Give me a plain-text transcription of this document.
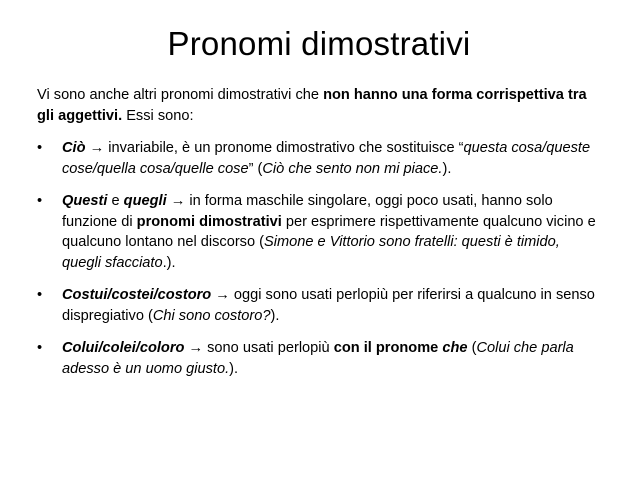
Pronomi dimostrativi

Vi sono anche altri pronomi dimostrativi che non hanno una forma corrispettiva tra gli aggettivi. Essi sono:

• Ciò → invariabile, è un pronome dimostrativo che sostituisce “questa cosa/queste cose/quella cosa/quelle cose” (Ciò che sento non mi piace.).
• Questi e quegli → in forma maschile singolare, oggi poco usati, hanno solo funzione di pronomi dimostrativi per esprimere rispettivamente qualcuno vicino e qualcuno lontano nel discorso (Simone e Vittorio sono fratelli: questi è timido, quegli sfacciato.).
• Costui/costei/costoro → oggi sono usati perlopiù per riferirsi a qualcuno in senso dispregiativo (Chi sono costoro?).
• Colui/colei/coloro → sono usati perlopiù con il pronome che (Colui che parla adesso è un uomo giusto.).
